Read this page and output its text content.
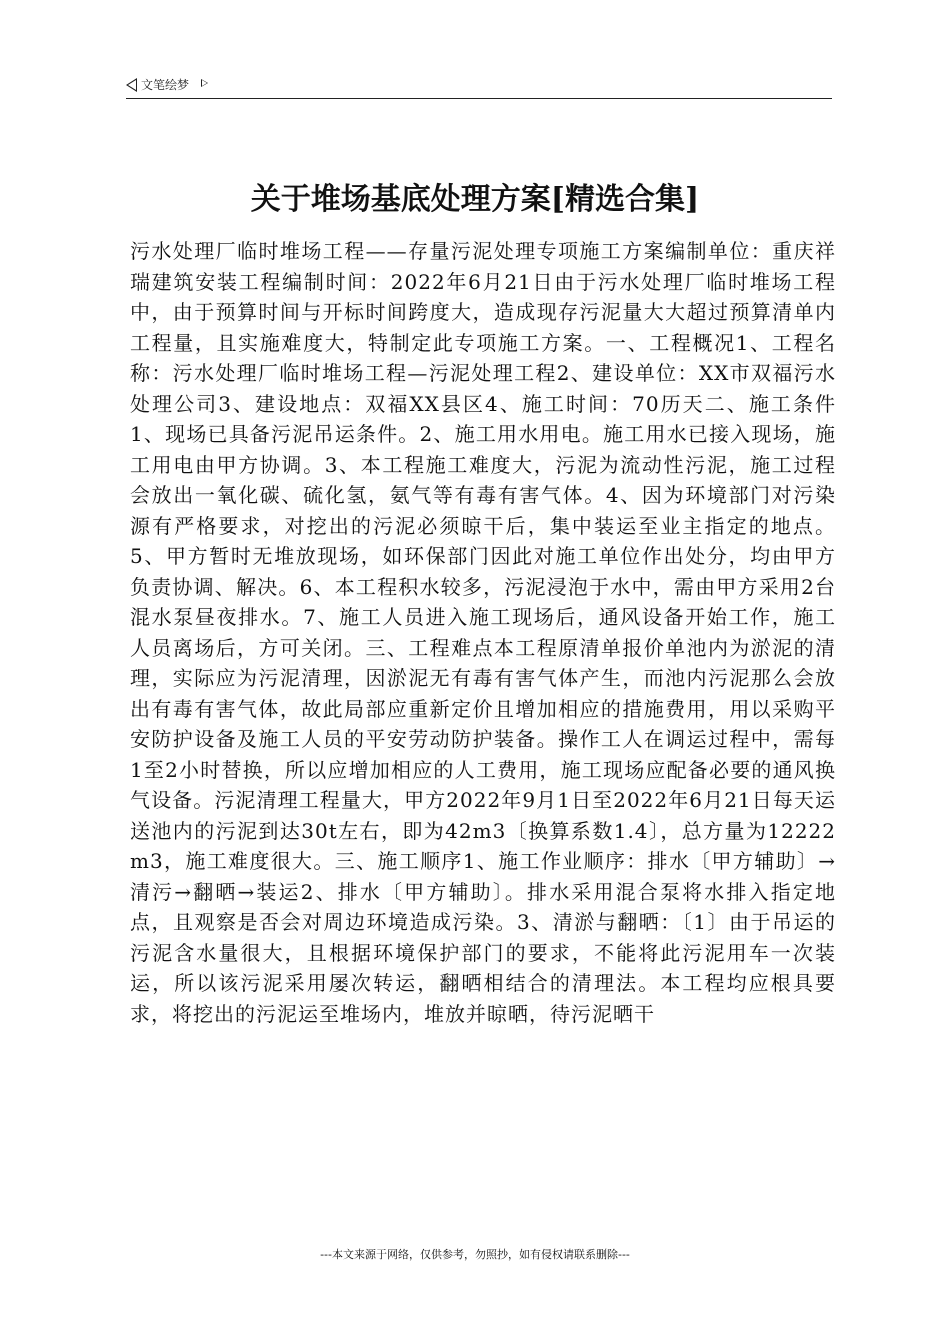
文笔绘梦
关于堆场基底处理方案[精选合集]

污水处理厂临时堆场工程——存量污泥处理专项施工方案编制单位：重庆祥瑞建筑安装工程编制时间：2022年6月21日由于污水处理厂临时堆场工程中，由于预算时间与开标时间跨度大，造成现存污泥量大大超过预算清单内工程量，且实施难度大，特制定此专项施工方案。一、工程概况1、工程名称：污水处理厂临时堆场工程—污泥处理工程2、建设单位：XX市双福污水处理公司3、建设地点：双福XX县区4、施工时间：70历天二、施工条件1、现场已具备污泥吊运条件。2、施工用水用电。施工用水已接入现场，施工用电由甲方协调。3、本工程施工难度大，污泥为流动性污泥，施工过程会放出一氧化碳、硫化氢，氨气等有毒有害气体。4、因为环境部门对污染源有严格要求，对挖出的污泥必须晾干后，集中装运至业主指定的地点。5、甲方暂时无堆放现场，如环保部门因此对施工单位作出处分，均由甲方负责协调、解决。6、本工程积水较多，污泥浸泡于水中，需由甲方采用2台混水泵昼夜排水。7、施工人员进入施工现场后，通风设备开始工作，施工人员离场后，方可关闭。三、工程难点本工程原清单报价单池内为淤泥的清理，实际应为污泥清理，因淤泥无有毒有害气体产生，而池内污泥那么会放出有毒有害气体，故此局部应重新定价且增加相应的措施费用，用以采购平安防护设备及施工人员的平安劳动防护装备。操作工人在调运过程中，需每1至2小时替换，所以应增加相应的人工费用，施工现场应配备必要的通风换气设备。污泥清理工程量大，甲方2022年9月1日至2022年6月21日每天运送池内的污泥到达30t左右，即为42m3〔换算系数1.4〕，总方量为12222m3，施工难度很大。三、施工顺序1、施工作业顺序：排水〔甲方辅助〕→清污→翻晒→装运2、排水〔甲方辅助〕。排水采用混合泵将水排入指定地点，且观察是否会对周边环境造成污染。3、清淤与翻晒：〔1〕由于吊运的污泥含水量很大，且根据环境保护部门的要求，不能将此污泥用车一次装运，所以该污泥采用屡次转运，翻晒相结合的清理法。本工程均应根具要求，将挖出的污泥运至堆场内，堆放并晾晒，待污泥晒干

---本文来源于网络，仅供参考，勿照抄，如有侵权请联系删除---
